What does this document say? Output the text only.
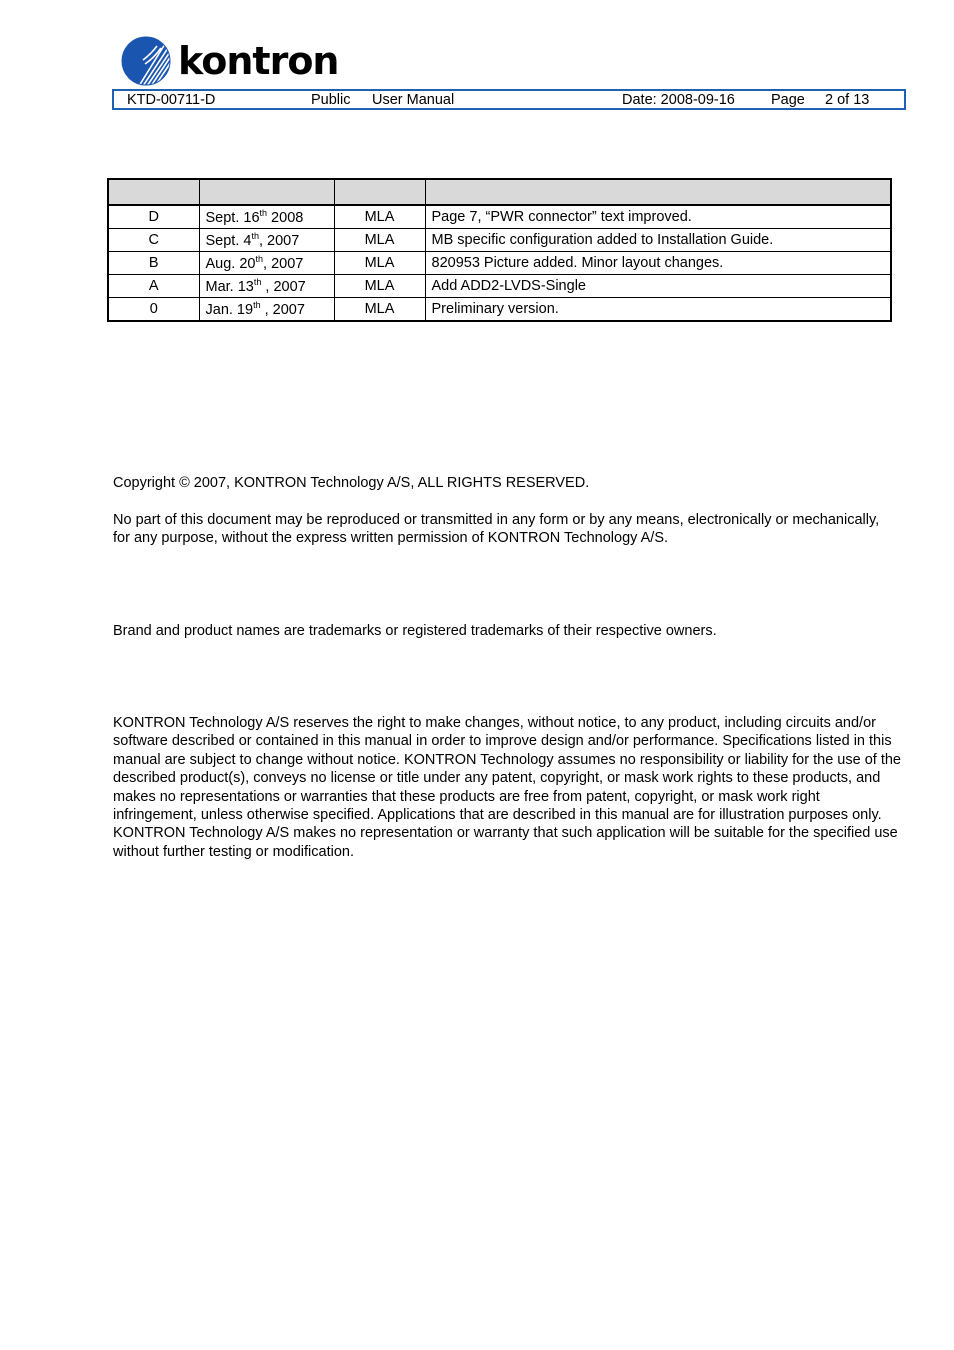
kontron
KTD-00711-D	Public User Manual	Date: 2008-09-16 Page 2 of 13

D	Sept. 16th 2008	MLA	Page 7, “PWR connector” text improved.
C	Sept. 4th, 2007	MLA	MB specific configuration added to Installation Guide.
B	Aug. 20th, 2007	MLA	820953 Picture added. Minor layout changes.
A	Mar. 13th , 2007	MLA	Add ADD2-LVDS-Single
0	Jan. 19th , 2007	MLA	Preliminary version.
Copyright © 2007, KONTRON Technology A/S, ALL RIGHTS RESERVED.
No part of this document may be reproduced or transmitted in any form or by any means, electronically or mechanically, for any purpose, without the express written permission of KONTRON Technology A/S.
Brand and product names are trademarks or registered trademarks of their respective owners.
KONTRON Technology A/S reserves the right to make changes, without notice, to any product, including circuits and/or software described or contained in this manual in order to improve design and/or performance. Specifications listed in this manual are subject to change without notice. KONTRON Technology assumes no responsibility or liability for the use of the described product(s), conveys no license or title under any patent, copyright, or mask work rights to these products, and makes no representations or warranties that these products are free from patent, copyright, or mask work right infringement, unless otherwise specified. Applications that are described in this manual are for illustration purposes only. KONTRON Technology A/S makes no representation or warranty that such application will be suitable for the specified use without further testing or modification.
